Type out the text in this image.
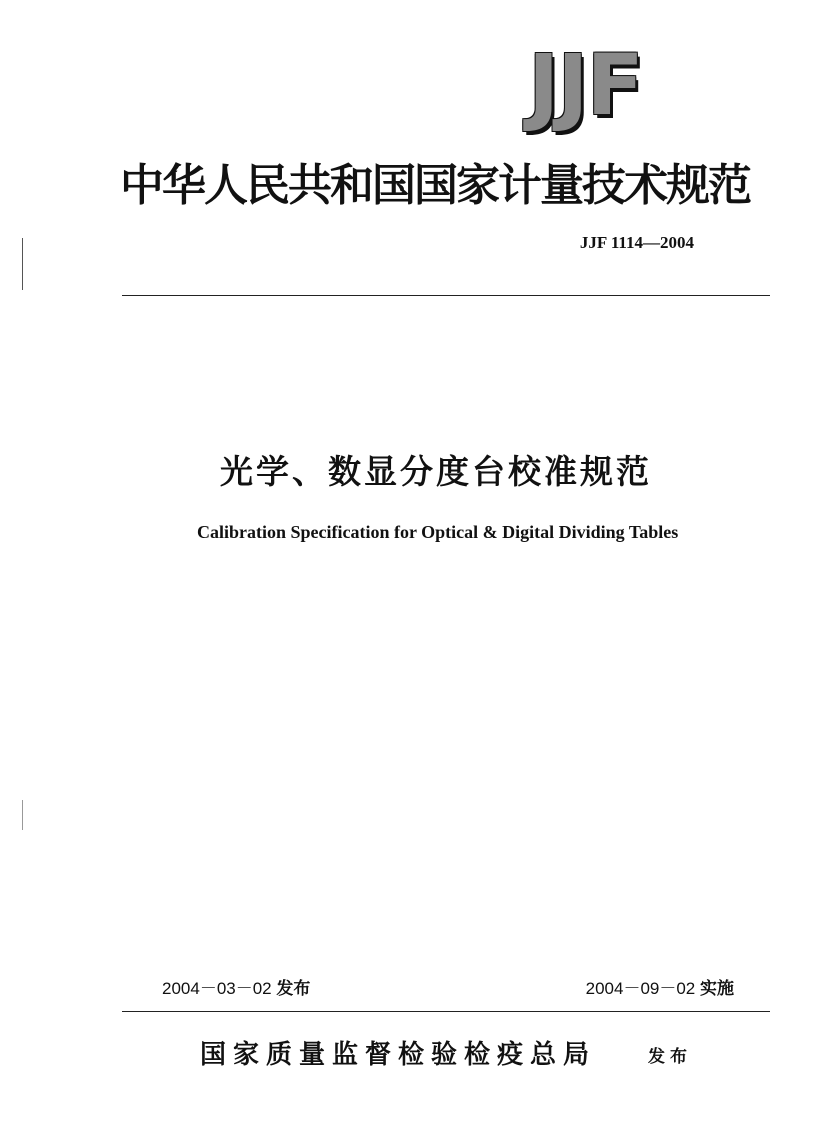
JJF
中华人民共和国国家计量技术规范
JJF 1114—2004
光学、数显分度台校准规范
Calibration Specification for Optical & Digital Dividing Tables
2004－03－02 发布	2004－09－02 实施
国家质量监督检验检疫总局	发布
